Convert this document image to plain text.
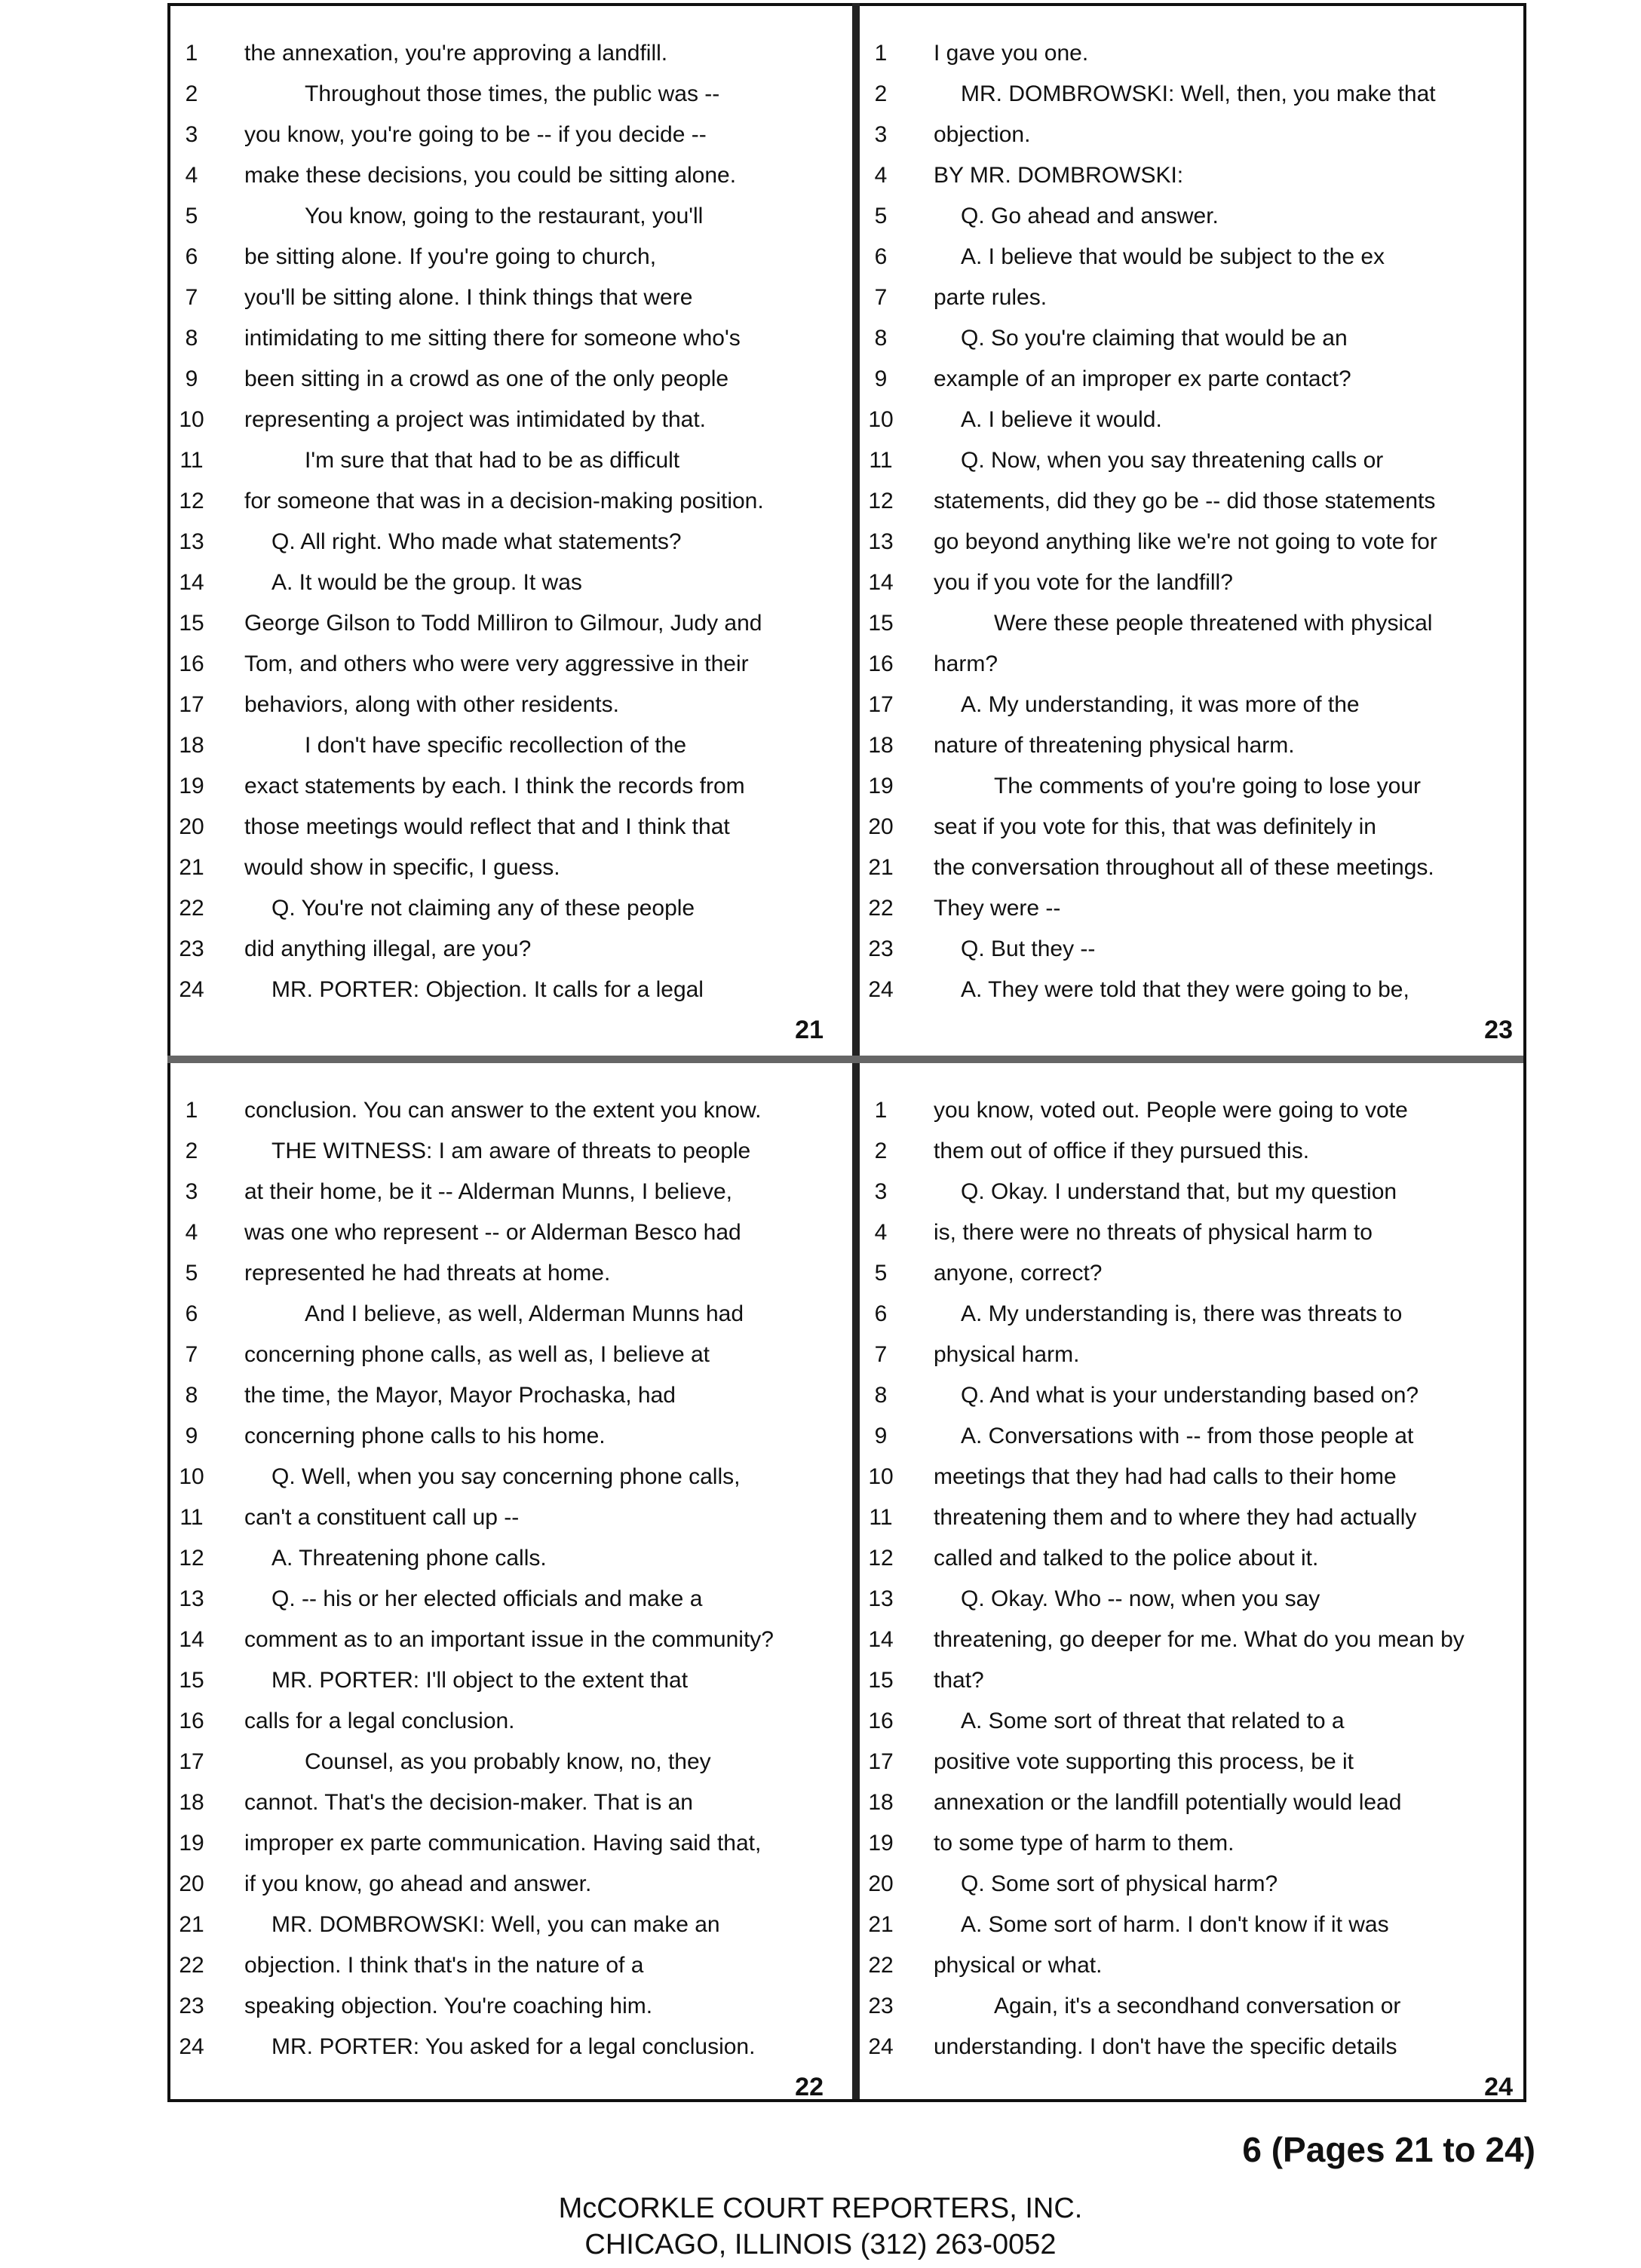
1	the annexation, you're approving a landfill.
2	Throughout those times, the public was --
3	you know, you're going to be -- if you decide --
4	make these decisions, you could be sitting alone.
5	You know, going to the restaurant, you'll
6	be sitting alone. If you're going to church,
7	you'll be sitting alone. I think things that were
8	intimidating to me sitting there for someone who's
9	been sitting in a crowd as one of the only people
10 representing a project was intimidated by that.
11	I'm sure that that had to be as difficult
12 for someone that was in a decision-making position.
13	Q. All right. Who made what statements?
14	A. It would be the group. It was
15 George Gilson to Todd Milliron to Gilmour, Judy and
16 Tom, and others who were very aggressive in their
17 behaviors, along with other residents.
18	I don't have specific recollection of the
19 exact statements by each. I think the records from
20 those meetings would reflect that and I think that
21 would show in specific, I guess.
22	Q. You're not claiming any of these people
23 did anything illegal, are you?
24	MR. PORTER: Objection. It calls for a legal
21
1	I gave you one.
2	MR. DOMBROWSKI: Well, then, you make that
3	objection.
4	BY MR. DOMBROWSKI:
5	Q. Go ahead and answer.
6	A. I believe that would be subject to the ex
7	parte rules.
8	Q. So you're claiming that would be an
9	example of an improper ex parte contact?
10	A. I believe it would.
11	Q. Now, when you say threatening calls or
12 statements, did they go be -- did those statements
13 go beyond anything like we're not going to vote for
14 you if you vote for the landfill?
15	Were these people threatened with physical
16 harm?
17	A. My understanding, it was more of the
18 nature of threatening physical harm.
19	The comments of you're going to lose your
20 seat if you vote for this, that was definitely in
21 the conversation throughout all of these meetings.
22 They were --
23	Q. But they --
24	A. They were told that they were going to be,
23
1	conclusion. You can answer to the extent you know.
2	THE WITNESS: I am aware of threats to people
3	at their home, be it -- Alderman Munns, I believe,
4	was one who represent -- or Alderman Besco had
5	represented he had threats at home.
6	And I believe, as well, Alderman Munns had
7	concerning phone calls, as well as, I believe at
8	the time, the Mayor, Mayor Prochaska, had
9	concerning phone calls to his home.
10	Q. Well, when you say concerning phone calls,
11 can't a constituent call up --
12	A. Threatening phone calls.
13	Q. -- his or her elected officials and make a
14 comment as to an important issue in the community?
15	MR. PORTER: I'll object to the extent that
16 calls for a legal conclusion.
17	Counsel, as you probably know, no, they
18 cannot. That's the decision-maker. That is an
19 improper ex parte communication. Having said that,
20 if you know, go ahead and answer.
21	MR. DOMBROWSKI: Well, you can make an
22 objection. I think that's in the nature of a
23 speaking objection. You're coaching him.
24	MR. PORTER: You asked for a legal conclusion.
22
1	you know, voted out. People were going to vote
2	them out of office if they pursued this.
3	Q. Okay. I understand that, but my question
4	is, there were no threats of physical harm to
5	anyone, correct?
6	A. My understanding is, there was threats to
7	physical harm.
8	Q. And what is your understanding based on?
9	A. Conversations with -- from those people at
10 meetings that they had had calls to their home
11 threatening them and to where they had actually
12 called and talked to the police about it.
13	Q. Okay. Who -- now, when you say
14 threatening, go deeper for me. What do you mean by
15 that?
16	A. Some sort of threat that related to a
17 positive vote supporting this process, be it
18 annexation or the landfill potentially would lead
19 to some type of harm to them.
20	Q. Some sort of physical harm?
21	A. Some sort of harm. I don't know if it was
22 physical or what.
23	Again, it's a secondhand conversation or
24 understanding. I don't have the specific details
24
6 (Pages 21 to 24)
McCORKLE COURT REPORTERS, INC.
CHICAGO, ILLINOIS (312) 263-0052
